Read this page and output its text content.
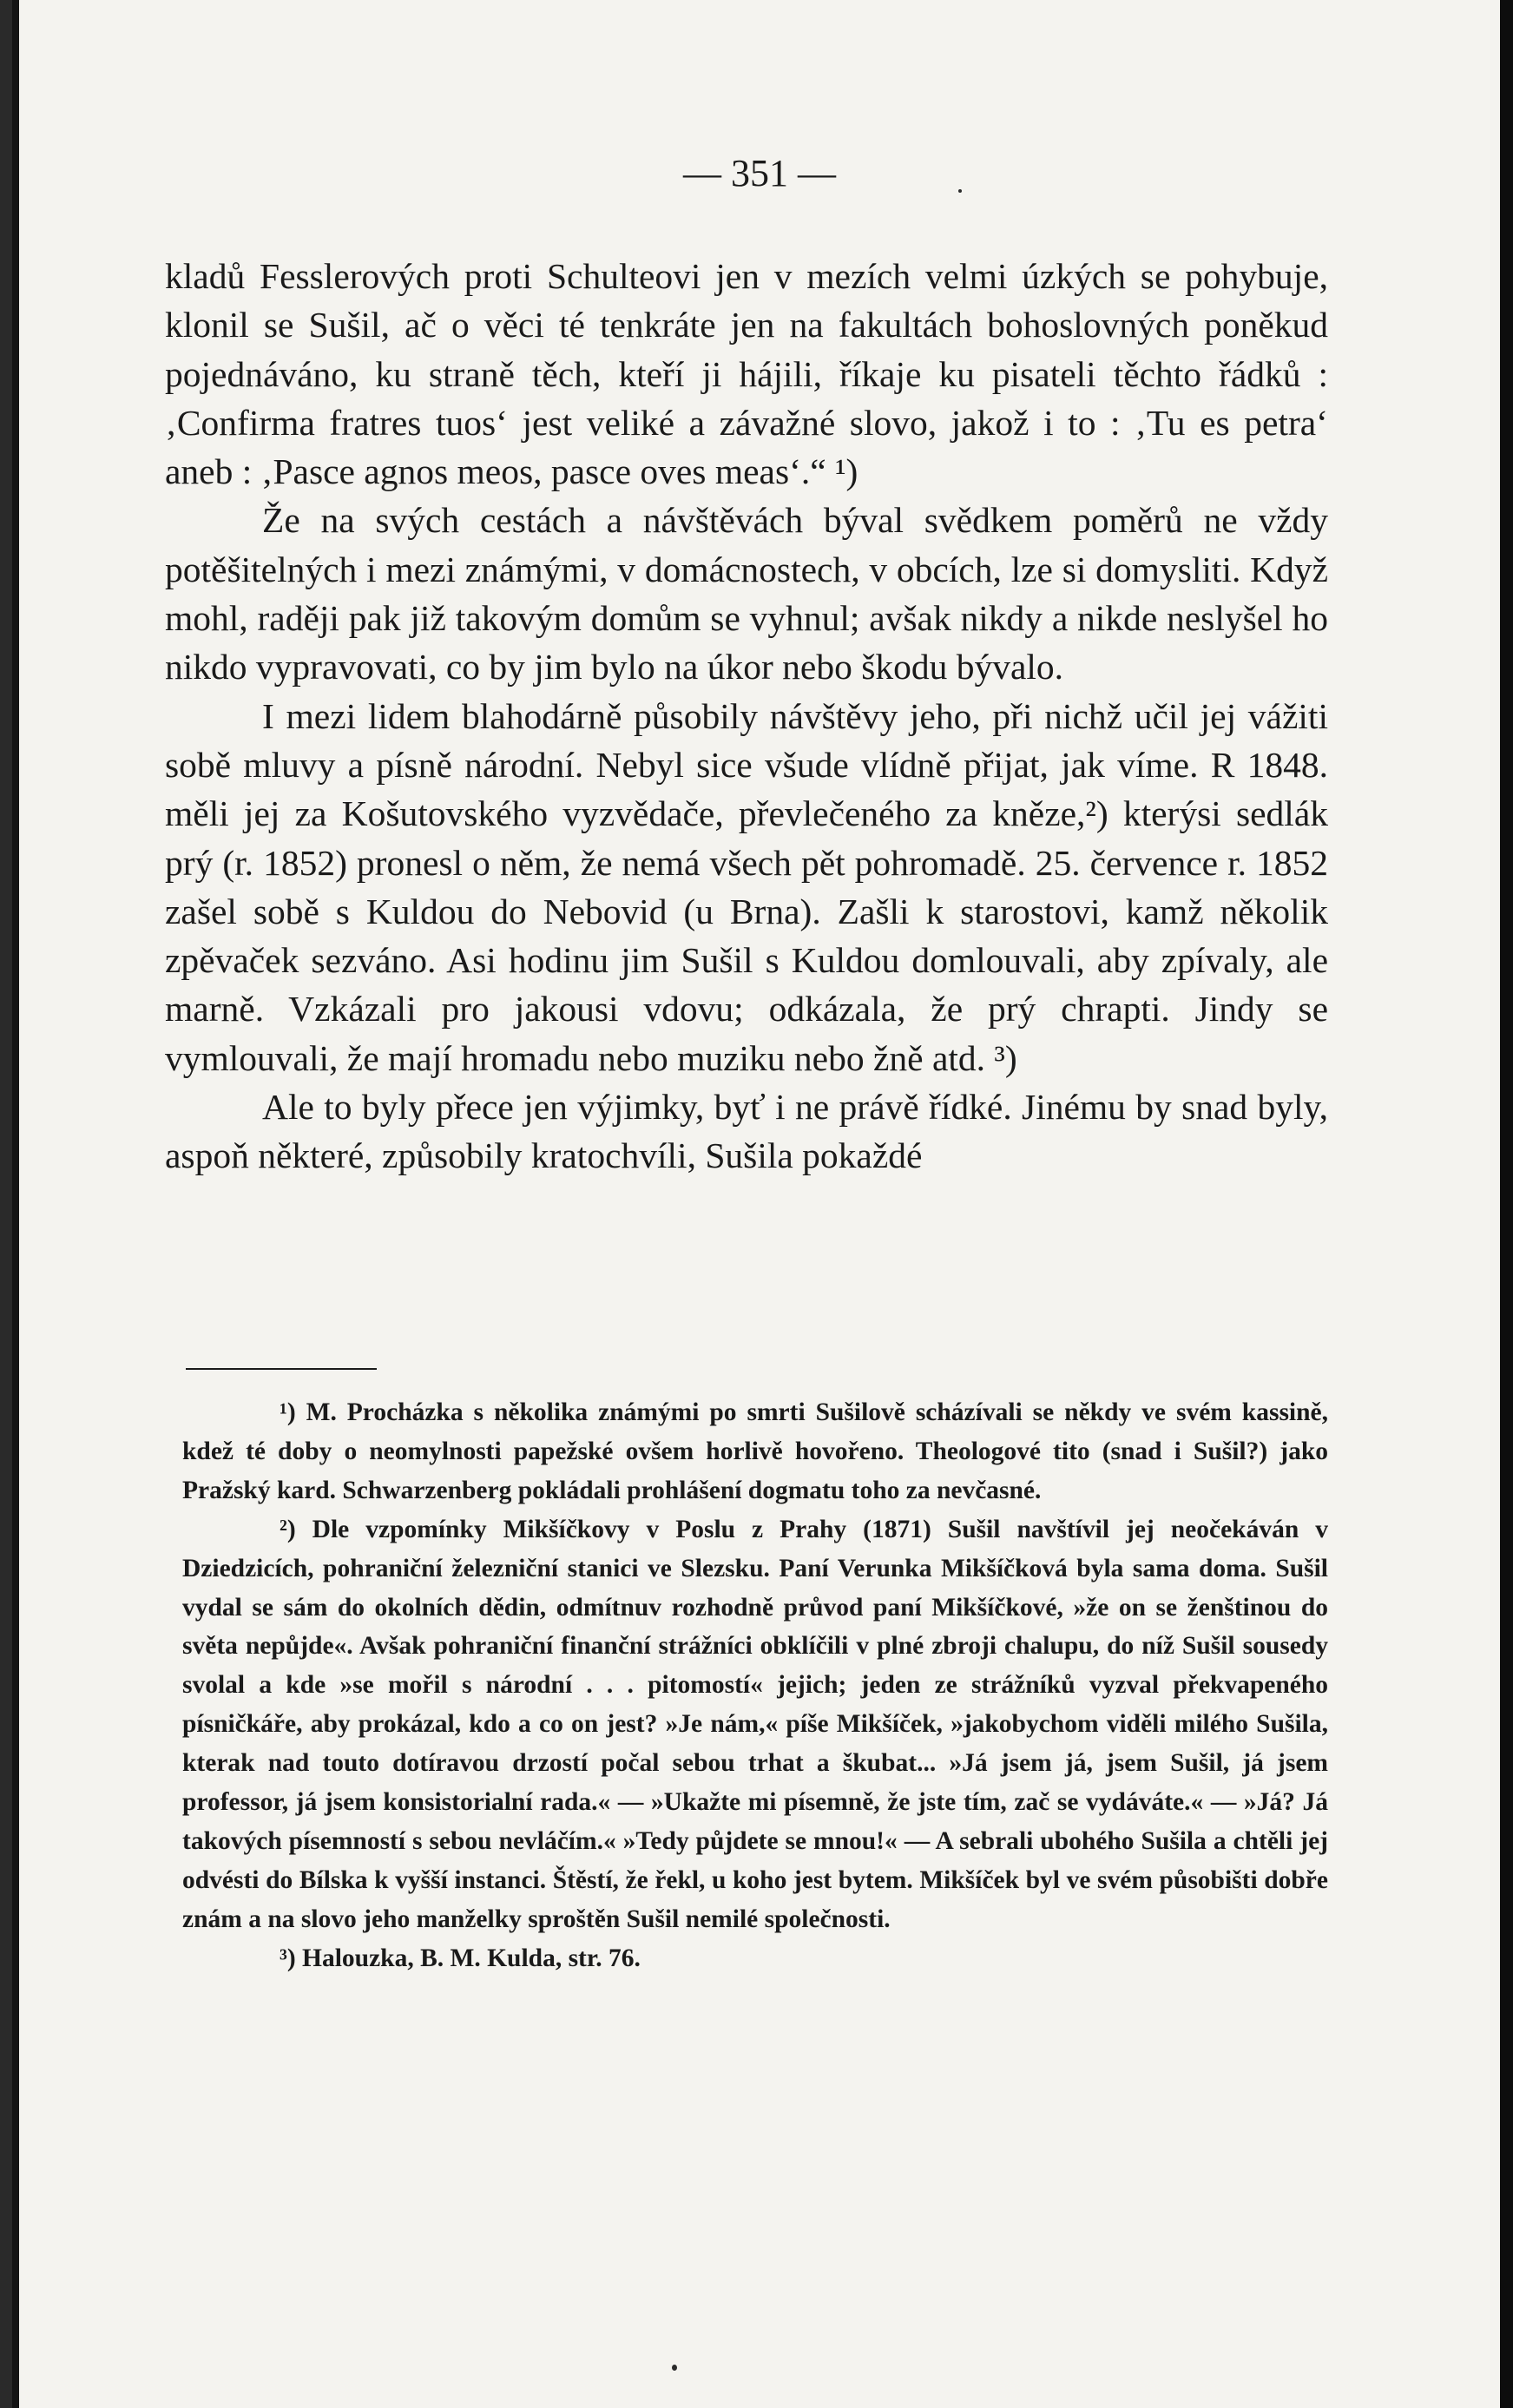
— 351 —

kladů Fesslerových proti Schulteovi jen v mezích velmi úzkých se pohybuje, klonil se Sušil, ač o věci té tenkráte jen na fakultách bohoslovných poněkud pojednáváno, ku straně těch, kteří ji hájili, říkaje ku pisateli těchto řádků : ‚Confirma fratres tuos‘ jest veliké a závažné slovo, jakož i to : ‚Tu es petra‘ aneb : ‚Pasce agnos meos, pasce oves meas‘.“ ¹)

Že na svých cestách a návštěvách býval svědkem poměrů ne vždy potěšitelných i mezi známými, v domácnostech, v obcích, lze si domysliti. Když mohl, raději pak již takovým domům se vyhnul; avšak nikdy a nikde neslyšel ho nikdo vypravovati, co by jim bylo na úkor nebo škodu bývalo.

I mezi lidem blahodárně působily návštěvy jeho, při nichž učil jej vážiti sobě mluvy a písně národní. Nebyl sice všude vlídně přijat, jak víme. R 1848. měli jej za Košutovského vyzvědače, převlečeného za kněze,²) kterýsi sedlák prý (r. 1852) pronesl o něm, že nemá všech pět pohromadě. 25. července r. 1852 zašel sobě s Kuldou do Nebovid (u Brna). Zašli k starostovi, kamž několik zpěvaček sezváno. Asi hodinu jim Sušil s Kuldou domlouvali, aby zpívaly, ale marně. Vzkázali pro jakousi vdovu; odkázala, že prý chrapti. Jindy se vymlouvali, že mají hromadu nebo muziku nebo žně atd. ³)

Ale to byly přece jen výjimky, byť i ne právě řídké. Jinému by snad byly, aspoň některé, způsobily kratochvíli, Sušila pokaždé

¹) M. Procházka s několika známými po smrti Sušilově scházívali se někdy ve svém kassině, kdež té doby o neomylnosti papežské ovšem horlivě hovořeno. Theologové tito (snad i Sušil?) jako Pražský kard. Schwarzenberg pokládali prohlášení dogmatu toho za nevčasné.

²) Dle vzpomínky Mikšíčkovy v Poslu z Prahy (1871) Sušil navštívil jej neočekáván v Dziedzicích, pohraniční železniční stanici ve Slezsku. Paní Verunka Mikšíčková byla sama doma. Sušil vydal se sám do okolních dědin, odmítnuv rozhodně průvod paní Mikšíčkové, »že on se ženštinou do světa nepůjde«. Avšak pohraniční finanční strážníci obklíčili v plné zbroji chalupu, do níž Sušil sousedy svolal a kde »se mořil s národní . . . pitomostí« jejich; jeden ze strážníků vyzval překvapeného písničkáře, aby prokázal, kdo a co on jest? »Je nám,« píše Mikšíček, »jakobychom viděli milého Sušila, kterak nad touto dotíravou drzostí počal sebou trhat a škubat... »Já jsem já, jsem Sušil, já jsem professor, já jsem konsistorialní rada.« — »Ukažte mi písemně, že jste tím, zač se vydáváte.« — »Já? Já takových písemností s sebou nevláčím.« »Tedy půjdete se mnou!« — A sebrali ubohého Sušila a chtěli jej odvésti do Bílska k vyšší instanci. Štěstí, že řekl, u koho jest bytem. Mikšíček byl ve svém působišti dobře znám a na slovo jeho manželky sproštěn Sušil nemilé společnosti.

³) Halouzka, B. M. Kulda, str. 76.
